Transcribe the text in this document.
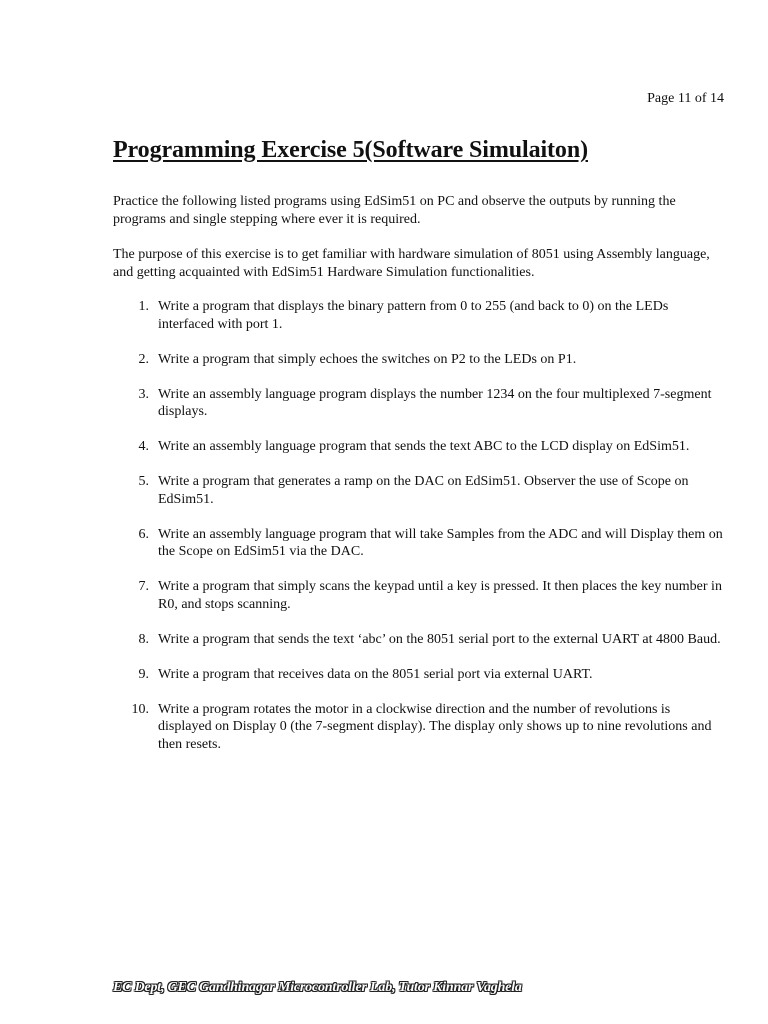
Page 11 of 14
Programming Exercise 5(Software Simulaiton)

Practice the following listed programs using EdSim51 on PC and observe the outputs by running the programs and single stepping where ever it is required.

The purpose of this exercise is to get familiar with hardware simulation of 8051 using Assembly language, and getting acquainted with EdSim51 Hardware Simulation functionalities.

1. Write a program that displays the binary pattern from 0 to 255 (and back to 0) on the LEDs interfaced with port 1.
2. Write a program that simply echoes the switches on P2 to the LEDs on P1.
3. Write an assembly language program displays the number 1234 on the four multiplexed 7-segment displays.
4. Write an assembly language program that sends the text ABC to the LCD display on EdSim51.
5. Write a program that generates a ramp on the DAC on EdSim51. Observer the use of Scope on EdSim51.
6. Write an assembly language program that will take Samples from the ADC and will Display them on the Scope on EdSim51 via the DAC.
7. Write a program that simply scans the keypad until a key is pressed. It then places the key number in R0, and stops scanning.
8. Write a program that sends the text ‘abc’ on the 8051 serial port to the external UART at 4800 Baud.
9. Write a program that receives data on the 8051 serial port via external UART.
10. Write a program rotates the motor in a clockwise direction and the number of revolutions is displayed on Display 0 (the 7-segment display). The display only shows up to nine revolutions and then resets.
EC Dept, GEC Gandhinagar Microcontroller Lab, Tutor Kinnar Vaghela
